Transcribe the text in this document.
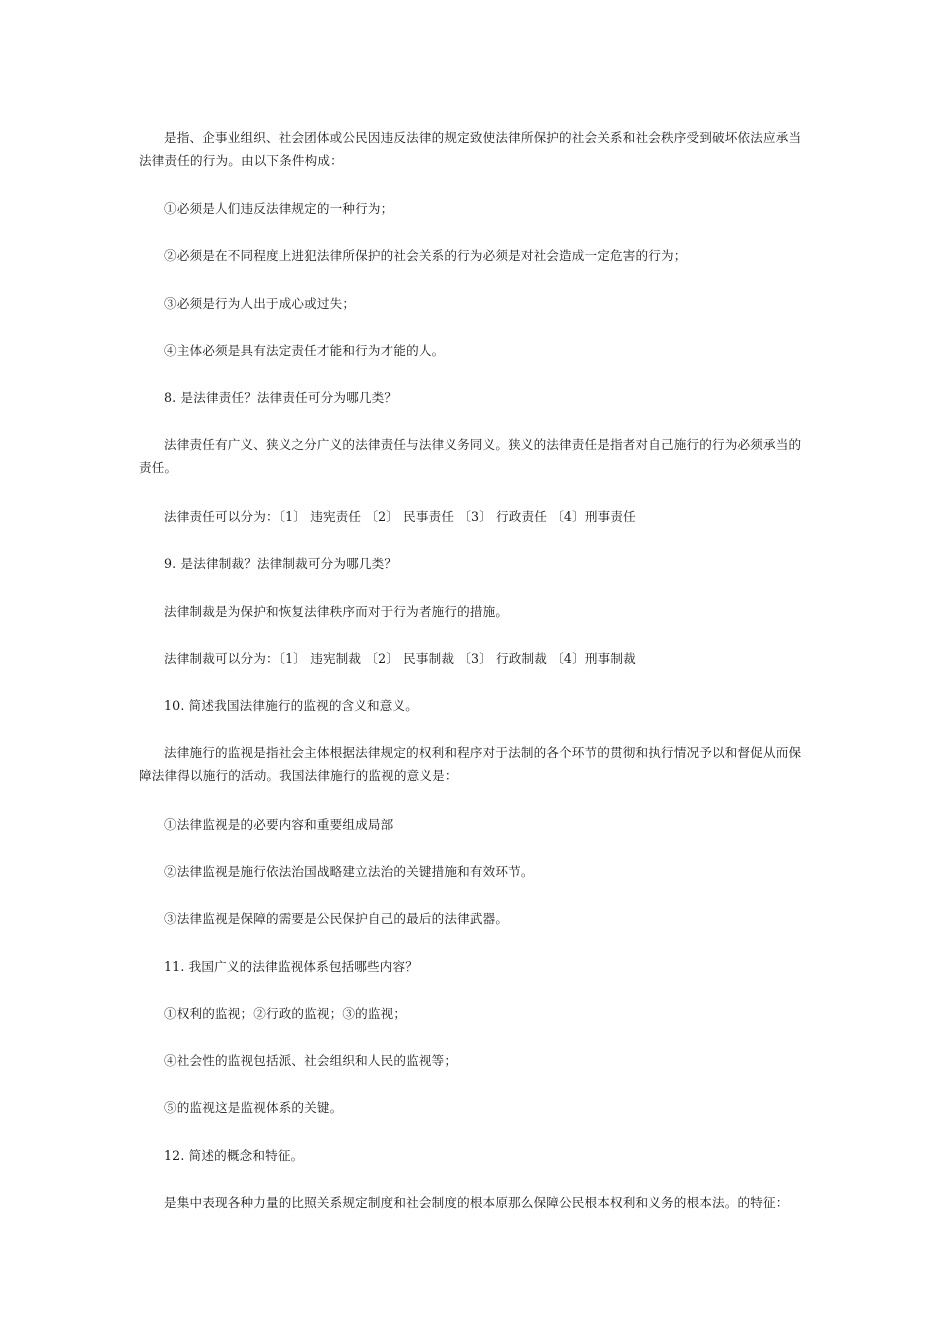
是指、企事业组织、社会团体或公民因违反法律的规定致使法律所保护的社会关系和社会秩序受到破坏依法应承当法律责任的行为。由以下条件构成：

①必须是人们违反法律规定的一种行为；

②必须是在不同程度上进犯法律所保护的社会关系的行为必须是对社会造成一定危害的行为；

③必须是行为人出于成心或过失；

④主体必须是具有法定责任才能和行为才能的人。

8. 是法律责任？法律责任可分为哪几类？

法律责任有广义、狭义之分广义的法律责任与法律义务同义。狭义的法律责任是指者对自己施行的行为必须承当的责任。

法律责任可以分为：〔1〕 违宪责任 〔2〕 民事责任 〔3〕 行政责任 〔4〕刑事责任

9. 是法律制裁？法律制裁可分为哪几类？

法律制裁是为保护和恢复法律秩序而对于行为者施行的措施。

法律制裁可以分为：〔1〕 违宪制裁 〔2〕 民事制裁 〔3〕 行政制裁 〔4〕刑事制裁

10. 简述我国法律施行的监视的含义和意义。

法律施行的监视是指社会主体根据法律规定的权利和程序对于法制的各个环节的贯彻和执行情况予以和督促从而保障法律得以施行的活动。我国法律施行的监视的意义是：

①法律监视是的必要内容和重要组成局部

②法律监视是施行依法治国战略建立法治的关键措施和有效环节。

③法律监视是保障的需要是公民保护自己的最后的法律武器。

11. 我国广义的法律监视体系包括哪些内容？

①权利的监视；②行政的监视；③的监视；

④社会性的监视包括派、社会组织和人民的监视等；

⑤的监视这是监视体系的关键。

12. 简述的概念和特征。

是集中表现各种力量的比照关系规定制度和社会制度的根本原那么保障公民根本权利和义务的根本法。的特征：
